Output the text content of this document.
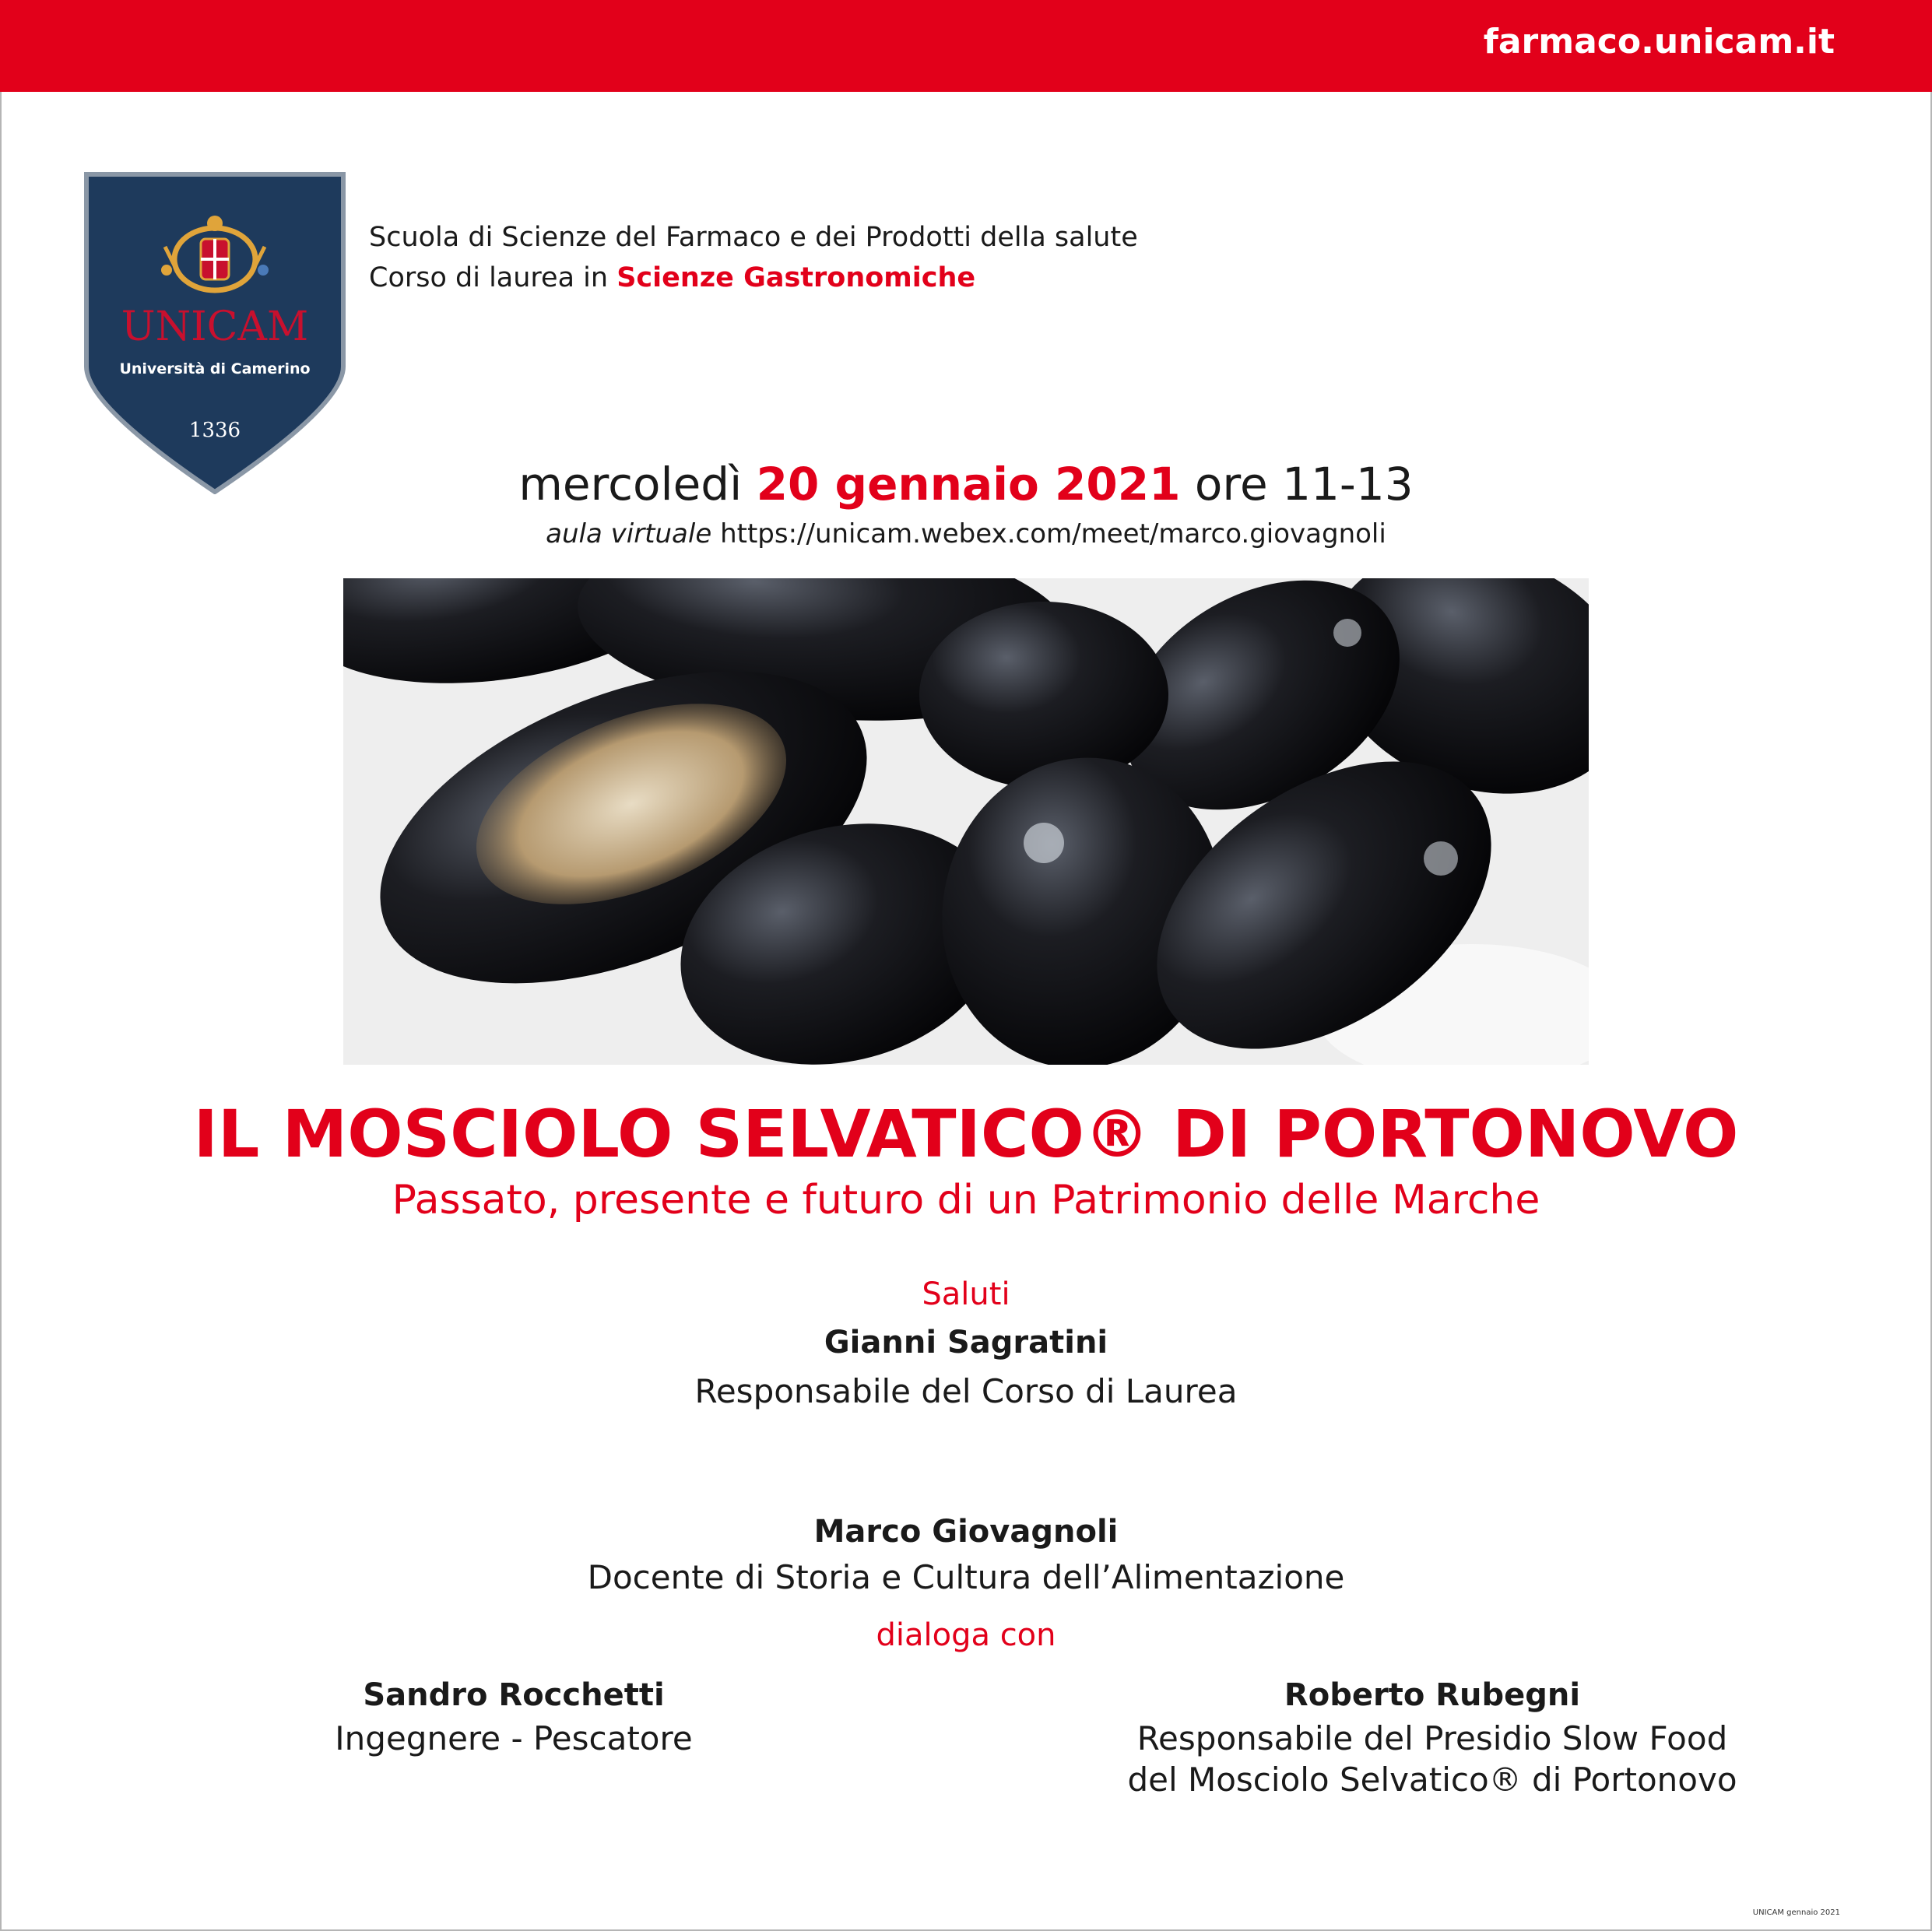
farmaco.unicam.it
UNICAM
Università di Camerino
1336
Scuola di Scienze del Farmaco e dei Prodotti della salute
Corso di laurea in Scienze Gastronomiche
mercoledì 20 gennaio 2021 ore 11-13
aula virtuale https://unicam.webex.com/meet/marco.giovagnoli
IL MOSCIOLO SELVATICO® DI PORTONOVO
Passato, presente e futuro di un Patrimonio delle Marche
Saluti
Gianni Sagratini
Responsabile del Corso di Laurea
Marco Giovagnoli
Docente di Storia e Cultura dell’Alimentazione
dialoga con
Sandro Rocchetti
Ingegnere - Pescatore
Roberto Rubegni
Responsabile del Presidio Slow Food
del Mosciolo Selvatico® di Portonovo
UNICAM gennaio 2021
